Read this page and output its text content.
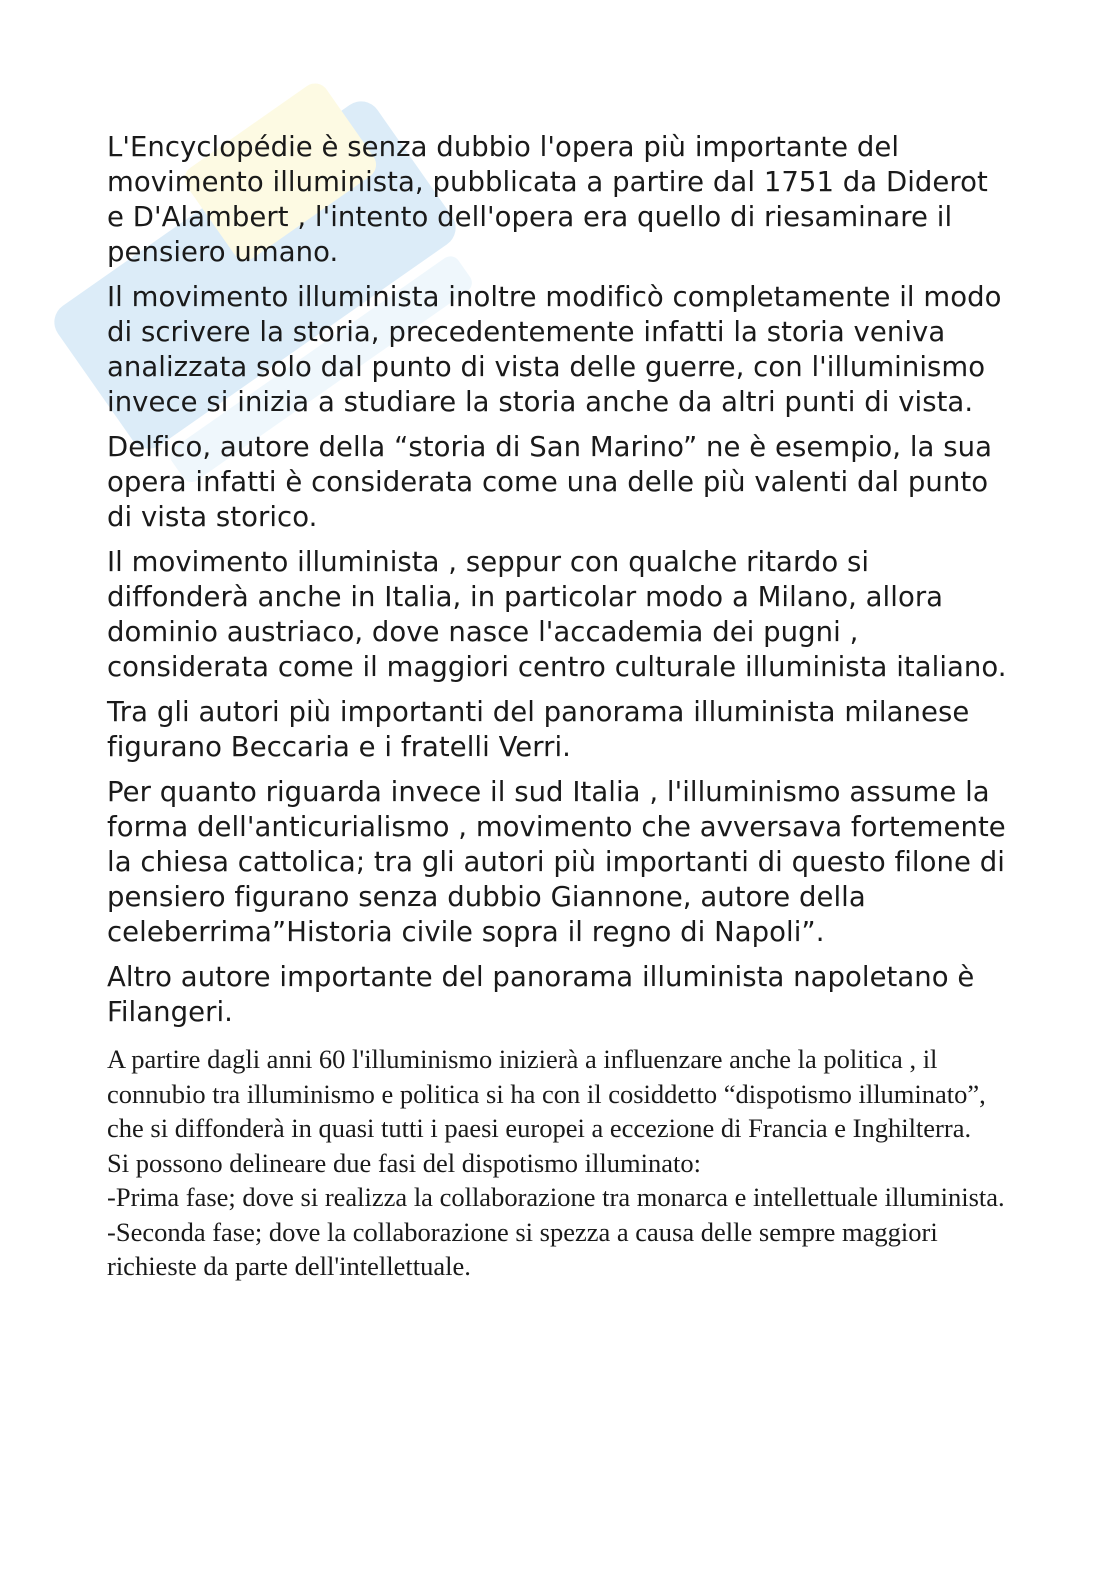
L'Encyclopédie è senza dubbio l'opera più importante del movimento illuminista, pubblicata a partire dal 1751 da Diderot e D'Alambert , l'intento dell'opera era quello di riesaminare il pensiero umano.

Il movimento illuminista inoltre modificò completamente il modo di scrivere la storia, precedentemente infatti la storia veniva analizzata solo dal punto di vista delle guerre, con l'illuminismo invece si inizia a studiare la storia anche da altri punti di vista.

Delfico, autore della “storia di San Marino” ne è esempio, la sua opera infatti è considerata come una delle più valenti dal punto di vista storico.

Il movimento illuminista , seppur con qualche ritardo si diffonderà anche in Italia, in particolar modo a Milano, allora dominio austriaco, dove nasce l'accademia dei pugni , considerata come il maggiori centro culturale illuminista italiano.

Tra gli autori più importanti del panorama illuminista milanese figurano Beccaria e i fratelli Verri.

Per quanto riguarda invece il sud Italia , l'illuminismo assume la forma dell'anticurialismo , movimento che avversava fortemente la chiesa cattolica; tra gli autori più importanti di questo filone di pensiero figurano senza dubbio Giannone, autore della celeberrima”Historia civile sopra il regno di Napoli”.

Altro autore importante del panorama illuminista napoletano è Filangeri.

A partire dagli anni 60 l'illuminismo inizierà a influenzare anche la politica , il connubio tra illuminismo e politica si ha con il cosiddetto “dispotismo illuminato”, che si diffonderà in quasi tutti i paesi europei a eccezione di Francia e Inghilterra.

Si possono delineare due fasi del dispotismo illuminato:

-Prima fase; dove si realizza la collaborazione tra monarca e intellettuale illuminista.

-Seconda fase; dove la collaborazione si spezza a causa delle sempre maggiori richieste da parte dell'intellettuale.
